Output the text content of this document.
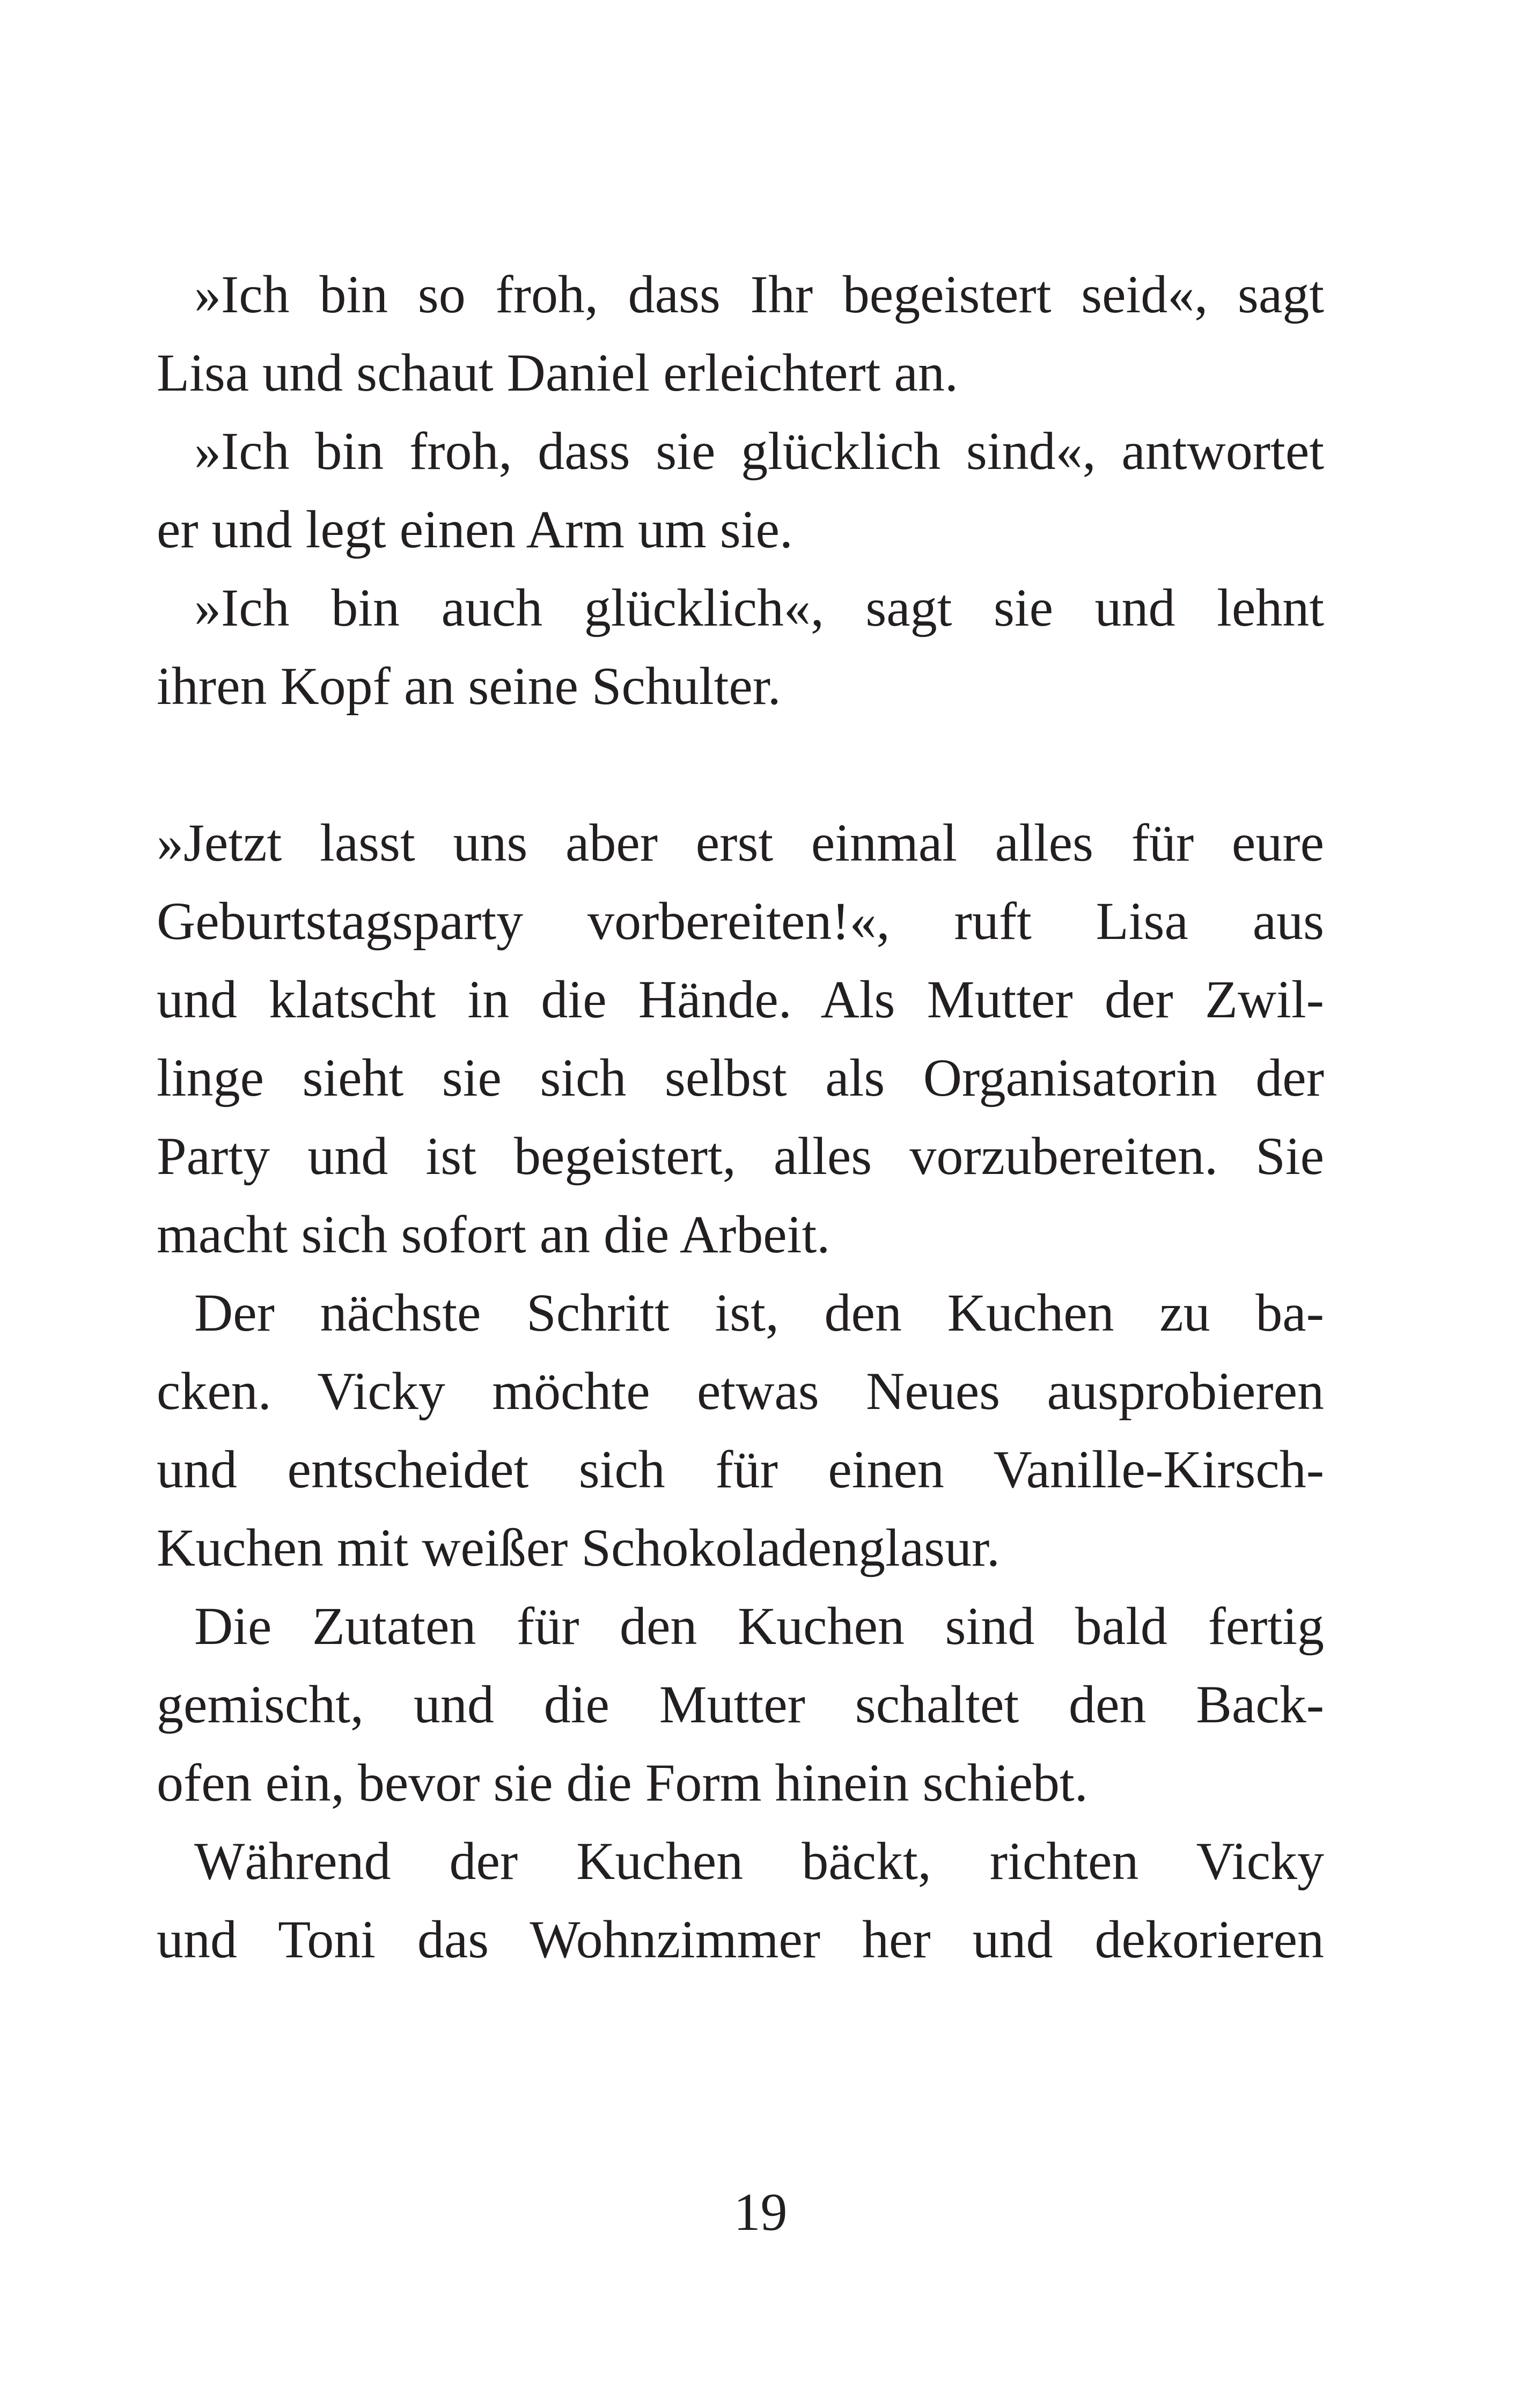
»Ich bin so froh, dass Ihr begeistert seid«, sagt
Lisa und schaut Daniel erleichtert an.
»Ich bin froh, dass sie glücklich sind«, antwortet
er und legt einen Arm um sie.
»Ich bin auch glücklich«, sagt sie und lehnt
ihren Kopf an seine Schulter.
»Jetzt lasst uns aber erst einmal alles für eure
Geburtstagsparty vorbereiten!«, ruft Lisa aus
und klatscht in die Hände. Als Mutter der Zwil-
linge sieht sie sich selbst als Organisatorin der
Party und ist begeistert, alles vorzubereiten. Sie
macht sich sofort an die Arbeit.
Der nächste Schritt ist, den Kuchen zu ba-
cken. Vicky möchte etwas Neues ausprobieren
und entscheidet sich für einen Vanille-Kirsch-
Kuchen mit weißer Schokoladenglasur.
Die Zutaten für den Kuchen sind bald fertig
gemischt, und die Mutter schaltet den Back-
ofen ein, bevor sie die Form hinein schiebt.
Während der Kuchen bäckt, richten Vicky
und Toni das Wohnzimmer her und dekorieren
19
